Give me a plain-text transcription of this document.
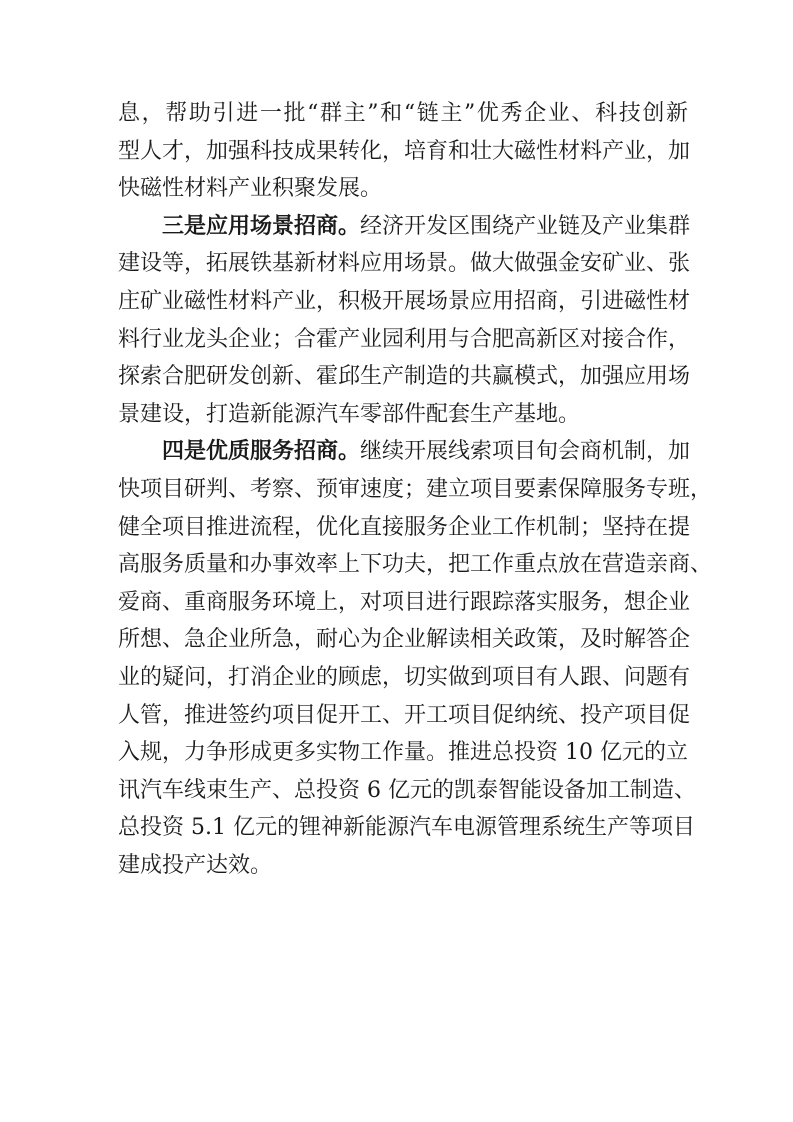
息，帮助引进一批“群主”和“链主”优秀企业、科技创新
型人才，加强科技成果转化，培育和壮大磁性材料产业，加
快磁性材料产业积聚发展。
三是应用场景招商。经济开发区围绕产业链及产业集群
建设等，拓展铁基新材料应用场景。做大做强金安矿业、张
庄矿业磁性材料产业，积极开展场景应用招商，引进磁性材
料行业龙头企业；合霍产业园利用与合肥高新区对接合作，
探索合肥研发创新、霍邱生产制造的共赢模式，加强应用场
景建设，打造新能源汽车零部件配套生产基地。
四是优质服务招商。继续开展线索项目旬会商机制，加
快项目研判、考察、预审速度；建立项目要素保障服务专班，
健全项目推进流程，优化直接服务企业工作机制；坚持在提
高服务质量和办事效率上下功夫，把工作重点放在营造亲商、
爱商、重商服务环境上，对项目进行跟踪落实服务，想企业
所想、急企业所急，耐心为企业解读相关政策，及时解答企
业的疑问，打消企业的顾虑，切实做到项目有人跟、问题有
人管，推进签约项目促开工、开工项目促纳统、投产项目促
入规，力争形成更多实物工作量。推进总投资 10 亿元的立
讯汽车线束生产、总投资 6 亿元的凯泰智能设备加工制造、
总投资 5.1 亿元的锂神新能源汽车电源管理系统生产等项目
建成投产达效。
